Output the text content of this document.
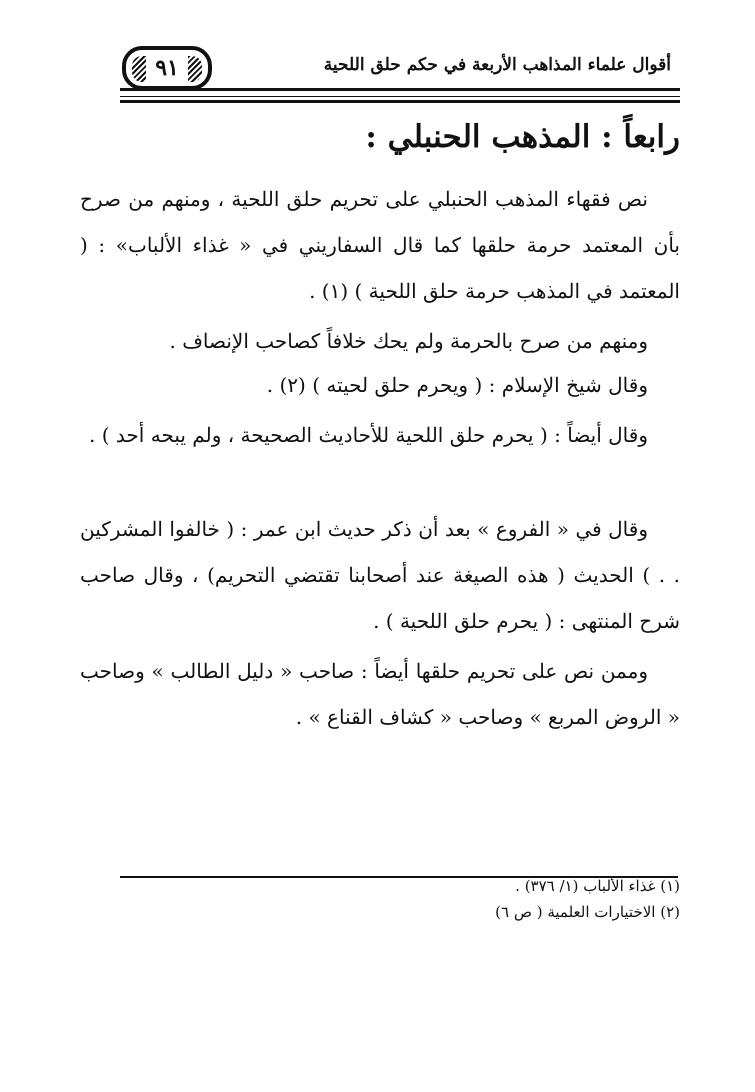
٩١	أقوال علماء المذاهب الأربعة في حكم حلق اللحية
رابعاً : المذهب الحنبلي :
نص فقهاء المذهب الحنبلي على تحريم حلق اللحية ، ومنهم من صرح بأن المعتمد حرمة حلقها كما قال السفاريني في « غذاء الألباب» : ( المعتمد في المذهب حرمة حلق اللحية ) (١) .
ومنهم من صرح بالحرمة ولم يحك خلافاً كصاحب الإنصاف .
وقال شيخ الإسلام : ( ويحرم حلق لحيته ) (٢) .
وقال أيضاً : ( يحرم حلق اللحية للأحاديث الصحيحة ، ولم يبحه أحد ) .
وقال في « الفروع » بعد أن ذكر حديث ابن عمر : ( خالفوا المشركين . . ) الحديث ( هذه الصيغة عند أصحابنا تقتضي التحريم) ، وقال صاحب شرح المنتهى : ( يحرم حلق اللحية ) .
وممن نص على تحريم حلقها أيضاً : صاحب « دليل الطالب » وصاحب « الروض المربع » وصاحب « كشاف القناع » .
(١) غذاء الألباب (١/ ٣٧٦) .
(٢) الاختيارات العلمية ( ص ٦)
